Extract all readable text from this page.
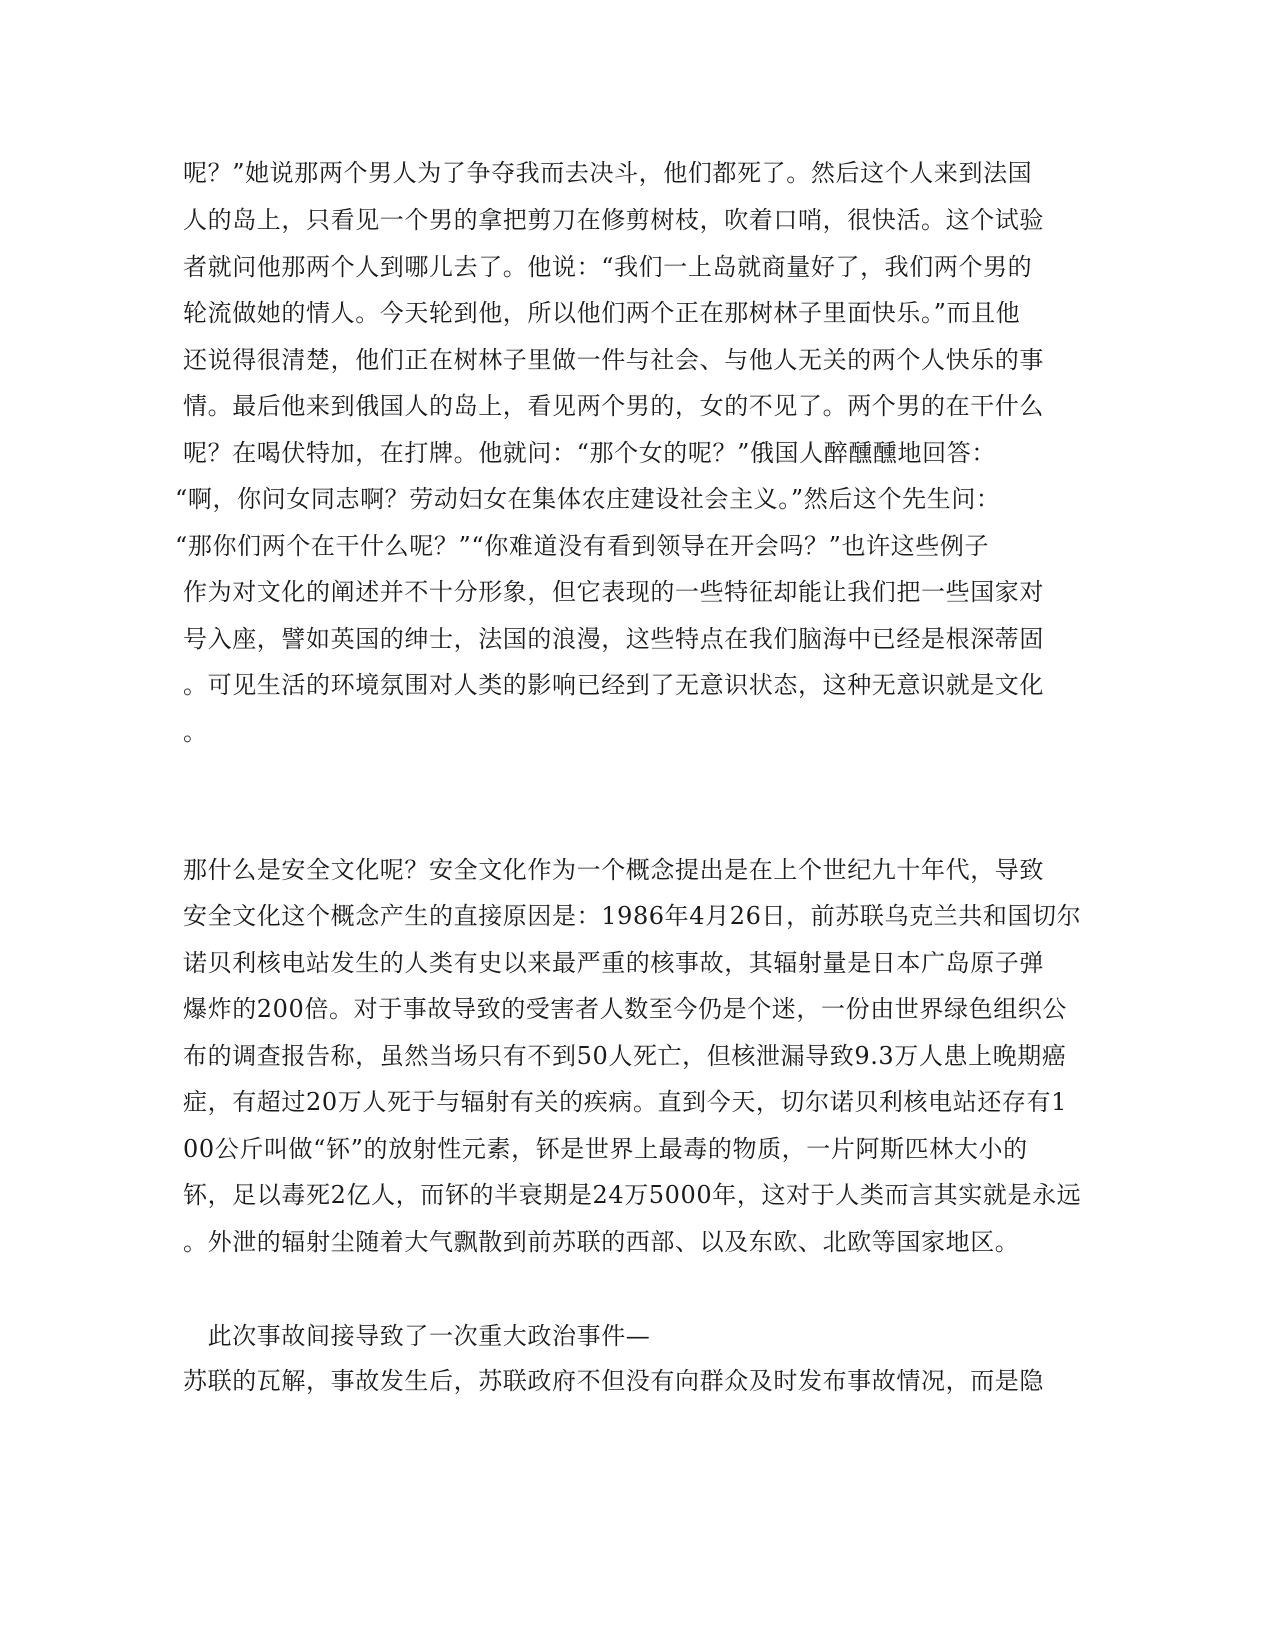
呢？”她说那两个男人为了争夺我而去决斗，他们都死了。然后这个人来到法国
人的岛上，只看见一个男的拿把剪刀在修剪树枝，吹着口哨，很快活。这个试验
者就问他那两个人到哪儿去了。他说：“我们一上岛就商量好了，我们两个男的
轮流做她的情人。今天轮到他，所以他们两个正在那树林子里面快乐。”而且他
还说得很清楚，他们正在树林子里做一件与社会、与他人无关的两个人快乐的事
情。最后他来到俄国人的岛上，看见两个男的，女的不见了。两个男的在干什么
呢？在喝伏特加，在打牌。他就问：“那个女的呢？”俄国人醉醺醺地回答：
“啊，你问女同志啊？劳动妇女在集体农庄建设社会主义。”然后这个先生问：
“那你们两个在干什么呢？”“你难道没有看到领导在开会吗？”也许这些例子
作为对文化的阐述并不十分形象，但它表现的一些特征却能让我们把一些国家对
号入座，譬如英国的绅士，法国的浪漫，这些特点在我们脑海中已经是根深蒂固
。可见生活的环境氛围对人类的影响已经到了无意识状态，这种无意识就是文化
。
那什么是安全文化呢？安全文化作为一个概念提出是在上个世纪九十年代，导致
安全文化这个概念产生的直接原因是：1986年4月26日，前苏联乌克兰共和国切尔
诺贝利核电站发生的人类有史以来最严重的核事故，其辐射量是日本广岛原子弹
爆炸的200倍。对于事故导致的受害者人数至今仍是个迷，一份由世界绿色组织公
布的调查报告称，虽然当场只有不到50人死亡，但核泄漏导致9.3万人患上晚期癌
症，有超过20万人死于与辐射有关的疾病。直到今天，切尔诺贝利核电站还存有1
00公斤叫做“钚”的放射性元素，钚是世界上最毒的物质，一片阿斯匹林大小的
钚，足以毒死2亿人，而钚的半衰期是24万5000年，这对于人类而言其实就是永远
。外泄的辐射尘随着大气飘散到前苏联的西部、以及东欧、北欧等国家地区。
　此次事故间接导致了一次重大政治事件—
苏联的瓦解，事故发生后，苏联政府不但没有向群众及时发布事故情况，而是隐
